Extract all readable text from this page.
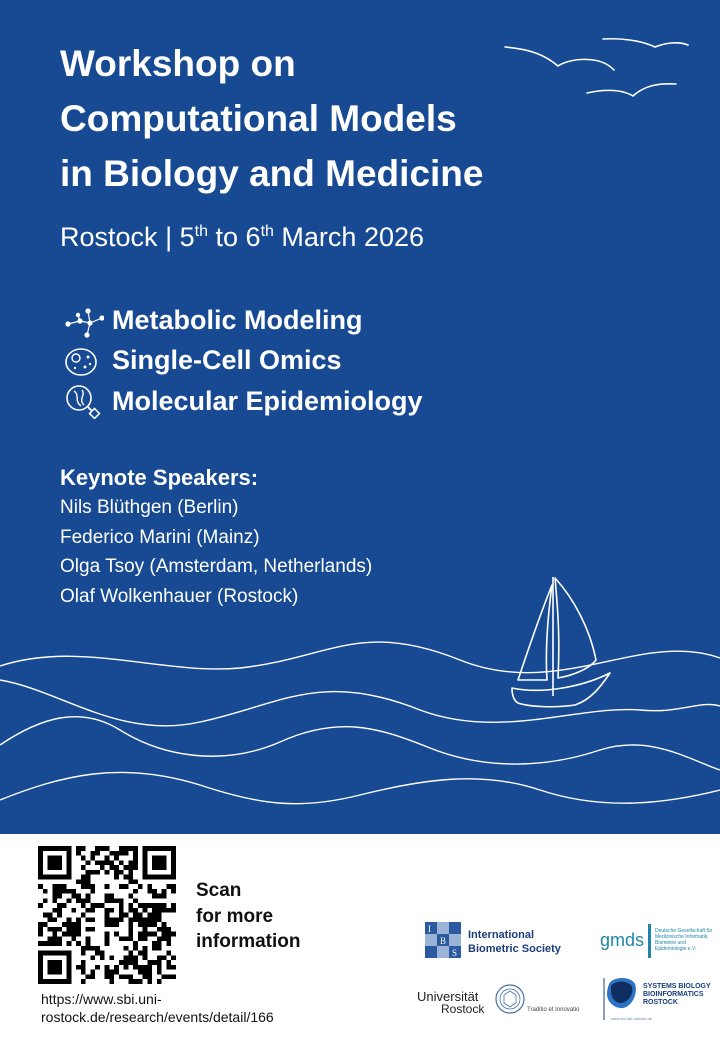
Workshop on
Computational Models
in Biology and Medicine
Rostock | 5th to 6th March 2026
Metabolic Modeling
Single-Cell Omics
Molecular Epidemiology
Keynote Speakers:
Nils Blüthgen (Berlin)
Federico Marini (Mainz)
Olga Tsoy (Amsterdam, Netherlands)
Olaf Wolkenhauer (Rostock)
Scan
for more
information
https://www.sbi.uni-rostock.de/research/events/detail/166
I
B
S
International
Biometric Society gmds Deutsche Gesellschaft für
Medizinische Informatik,
Biometrie und
Epidemiologie e.V.
Universität
Rostock	Traditio et Innovatio
SYSTEMS BIOLOGY
BIOINFORMATICS
ROSTOCK
www.sbi.uni-rostock.de
